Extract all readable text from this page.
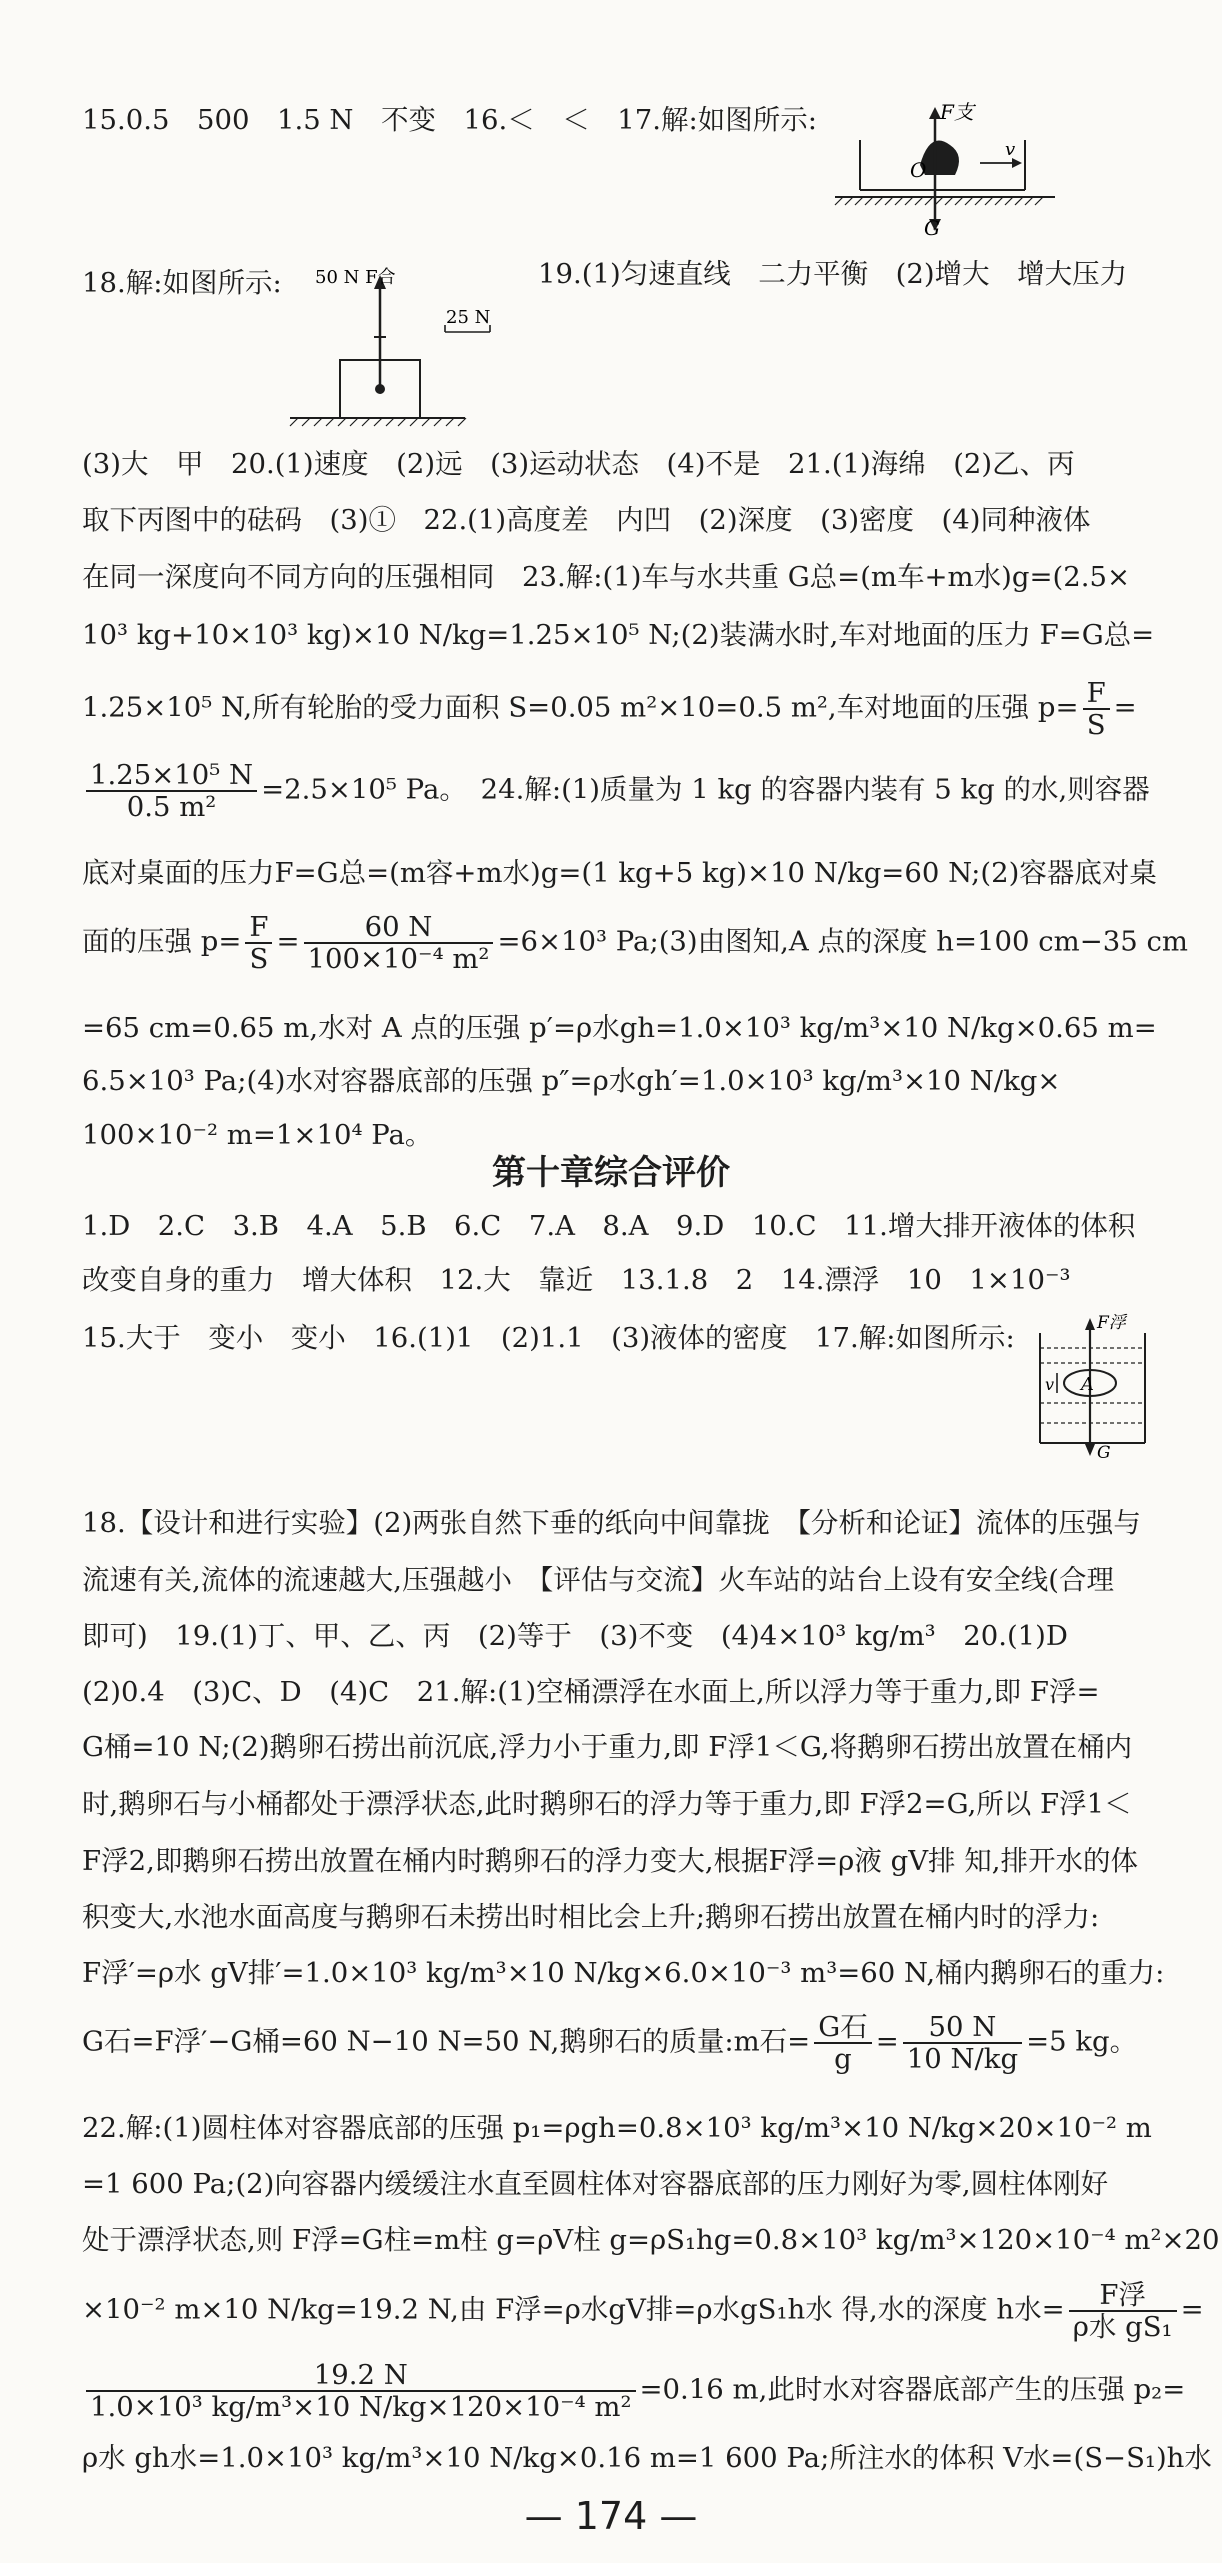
F支
O
v
G
25 N
50 N F合
F浮
A
v
G
15.0.5　500　1.5 N　不变　16.＜　＜　17.解:如图所示:
18.解:如图所示:	19.(1)匀速直线　二力平衡　(2)增大　增大压力
(3)大　甲　20.(1)速度　(2)远　(3)运动状态　(4)不是　21.(1)海绵　(2)乙、丙
取下丙图中的砝码　(3)①　22.(1)高度差　内凹　(2)深度　(3)密度　(4)同种液体
在同一深度向不同方向的压强相同　23.解:(1)车与水共重 G总=(m车+m水)g=(2.5×
10³ kg+10×10³ kg)×10 N/kg=1.25×10⁵ N;(2)装满水时,车对地面的压力 F=G总=
1.25×10⁵ N,所有轮胎的受力面积 S=0.05 m²×10=0.5 m²,车对地面的压强 $p= \frac{F}{S}$ =
$\frac{\text{1.25×10⁵ N}}{\text{0.5 m²}} =2.5\times 10^5$ Pa。　24.解:(1)质量为 1 kg 的容器内装有 5 kg 的水,则容器
底对桌面的压力F=G总=(m容+m水)g=(1 kg+5 kg)×10 N/kg=60 N;(2)容器底对桌
面的压强 $p= \frac{F}{S} = \frac{60 N}{\text{100×10⁻⁴ m²}} =6\times 10^3$ Pa;(3)由图知,A 点的深度 h=100 cm−35 cm
=65 cm=0.65 m,水对 A 点的压强 p′=ρ水gh=1.0×10³ kg/m³×10 N/kg×0.65 m=
6.5×10³ Pa;(4)水对容器底部的压强 p″=ρ水gh′=1.0×10³ kg/m³×10 N/kg×
100×10⁻² m=1×10⁴ Pa。
第十章综合评价
1.D　2.C　3.B　4.A　5.B　6.C　7.A　8.A　9.D　10.C　11.增大排开液体的体积
改变自身的重力　增大体积　12.大　靠近　13.1.8　2　14.漂浮　10　1×10⁻³
15.大于　变小　变小　16.(1)1　(2)1.1　(3)液体的密度　17.解:如图所示:
18.【设计和进行实验】(2)两张自然下垂的纸向中间靠拢　【分析和论证】流体的压强与
流速有关,流体的流速越大,压强越小　【评估与交流】火车站的站台上设有安全线(合理
即可)　19.(1)丁、甲、乙、丙　(2)等于　(3)不变　(4)4×10³ kg/m³　20.(1)D
(2)0.4　(3)C、D　(4)C　21.解:(1)空桶漂浮在水面上,所以浮力等于重力,即 F浮=
G桶=10 N;(2)鹅卵石捞出前沉底,浮力小于重力,即 F浮1＜G,将鹅卵石捞出放置在桶内
时,鹅卵石与小桶都处于漂浮状态,此时鹅卵石的浮力等于重力,即 F浮2=G,所以 F浮1＜
F浮2,即鹅卵石捞出放置在桶内时鹅卵石的浮力变大,根据F浮=ρ液 gV排 知,排开水的体
积变大,水池水面高度与鹅卵石未捞出时相比会上升;鹅卵石捞出放置在桶内时的浮力:
F浮′=ρ水 gV排′=1.0×10³ kg/m³×10 N/kg×6.0×10⁻³ m³=60 N,桶内鹅卵石的重力:
G石=F浮′−G桶=60 N−10 N=50 N,鹅卵石的质量:m石= $\frac{\text{G石}}{g} = \frac{50 N}{10 N/kg} =5$ kg。
22.解:(1)圆柱体对容器底部的压强 p₁=ρgh=0.8×10³ kg/m³×10 N/kg×20×10⁻² m
=1 600 Pa;(2)向容器内缓缓注水直至圆柱体对容器底部的压力刚好为零,圆柱体刚好
处于漂浮状态,则 F浮=G柱=m柱 g=ρV柱 g=ρS₁hg=0.8×10³ kg/m³×120×10⁻⁴ m²×20
×10⁻² m×10 N/kg=19.2 N,由 F浮=ρ水gV排=ρ水gS₁h水 得,水的深度 h水= $\frac{\text{F浮}}{\text{ρ水 gS₁}}$ =
$\frac{19.2 N}{\text{1.0×10³ kg/m³×10 N/kg×120×10⁻⁴ m²}} =0.16$ m,此时水对容器底部产生的压强 p₂=
ρ水 gh水=1.0×10³ kg/m³×10 N/kg×0.16 m=1 600 Pa;所注水的体积 V水=(S−S₁)h水
— 174 —
